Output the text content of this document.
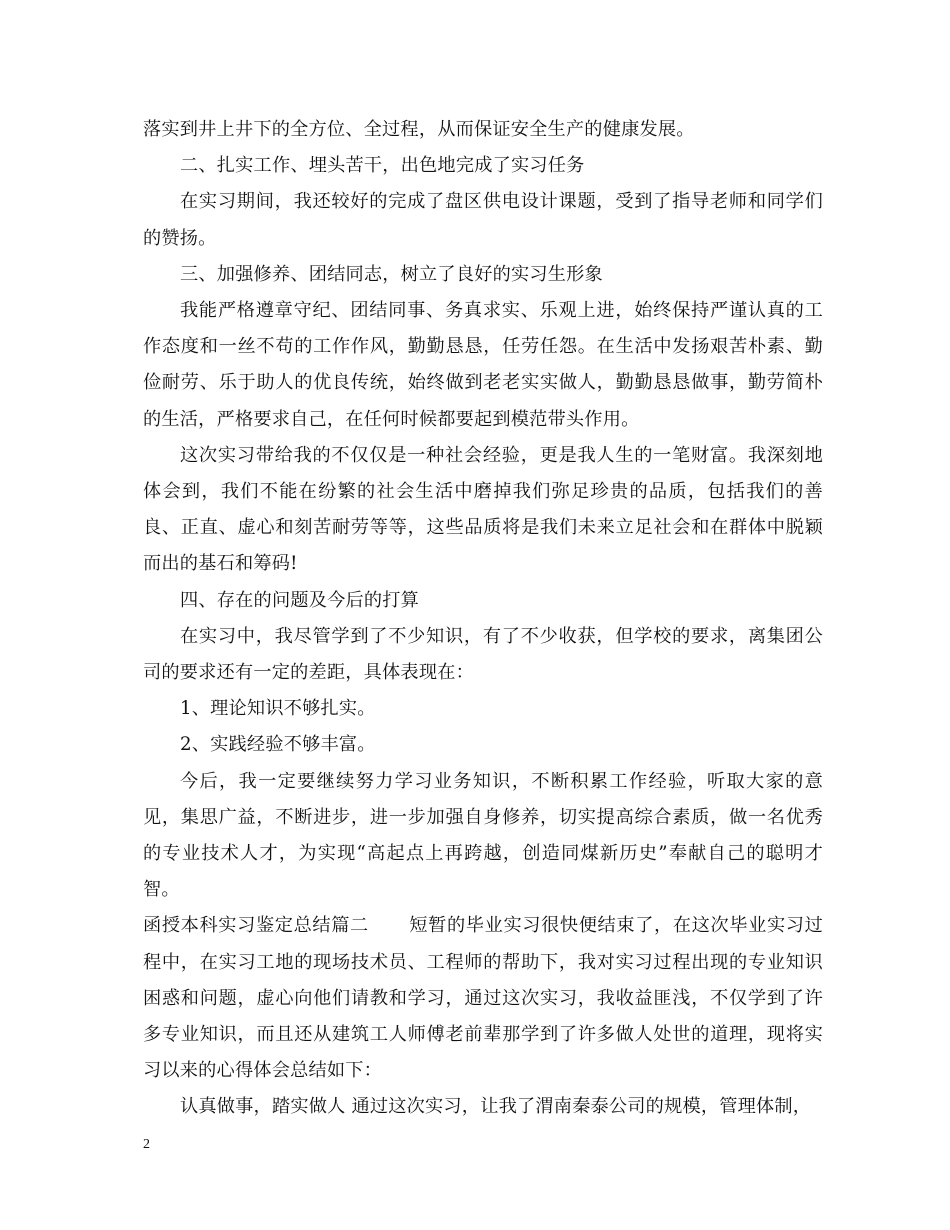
落实到井上井下的全方位、全过程，从而保证安全生产的健康发展。

二、扎实工作、埋头苦干，出色地完成了实习任务

在实习期间，我还较好的完成了盘区供电设计课题，受到了指导老师和同学们的赞扬。

三、加强修养、团结同志，树立了良好的实习生形象

我能严格遵章守纪、团结同事、务真求实、乐观上进，始终保持严谨认真的工作态度和一丝不苟的工作作风，勤勤恳恳，任劳任怨。在生活中发扬艰苦朴素、勤俭耐劳、乐于助人的优良传统，始终做到老老实实做人，勤勤恳恳做事，勤劳简朴的生活，严格要求自己，在任何时候都要起到模范带头作用。

这次实习带给我的不仅仅是一种社会经验，更是我人生的一笔财富。我深刻地体会到，我们不能在纷繁的社会生活中磨掉我们弥足珍贵的品质，包括我们的善良、正直、虚心和刻苦耐劳等等，这些品质将是我们未来立足社会和在群体中脱颖而出的基石和筹码!

四、存在的问题及今后的打算

在实习中，我尽管学到了不少知识，有了不少收获，但学校的要求，离集团公司的要求还有一定的差距，具体表现在：

1、理论知识不够扎实。

2、实践经验不够丰富。

今后，我一定要继续努力学习业务知识，不断积累工作经验，听取大家的意见，集思广益，不断进步，进一步加强自身修养，切实提高综合素质，做一名优秀的专业技术人才，为实现“高起点上再跨越，创造同煤新历史”奉献自己的聪明才智。

函授本科实习鉴定总结篇二 短暂的毕业实习很快便结束了，在这次毕业实习过程中，在实习工地的现场技术员、工程师的帮助下，我对实习过程出现的专业知识困惑和问题，虚心向他们请教和学习，通过这次实习，我收益匪浅，不仅学到了许多专业知识，而且还从建筑工人师傅老前辈那学到了许多做人处世的道理，现将实习以来的心得体会总结如下：

认真做事，踏实做人 通过这次实习，让我了渭南秦泰公司的规模，管理体制，

2
